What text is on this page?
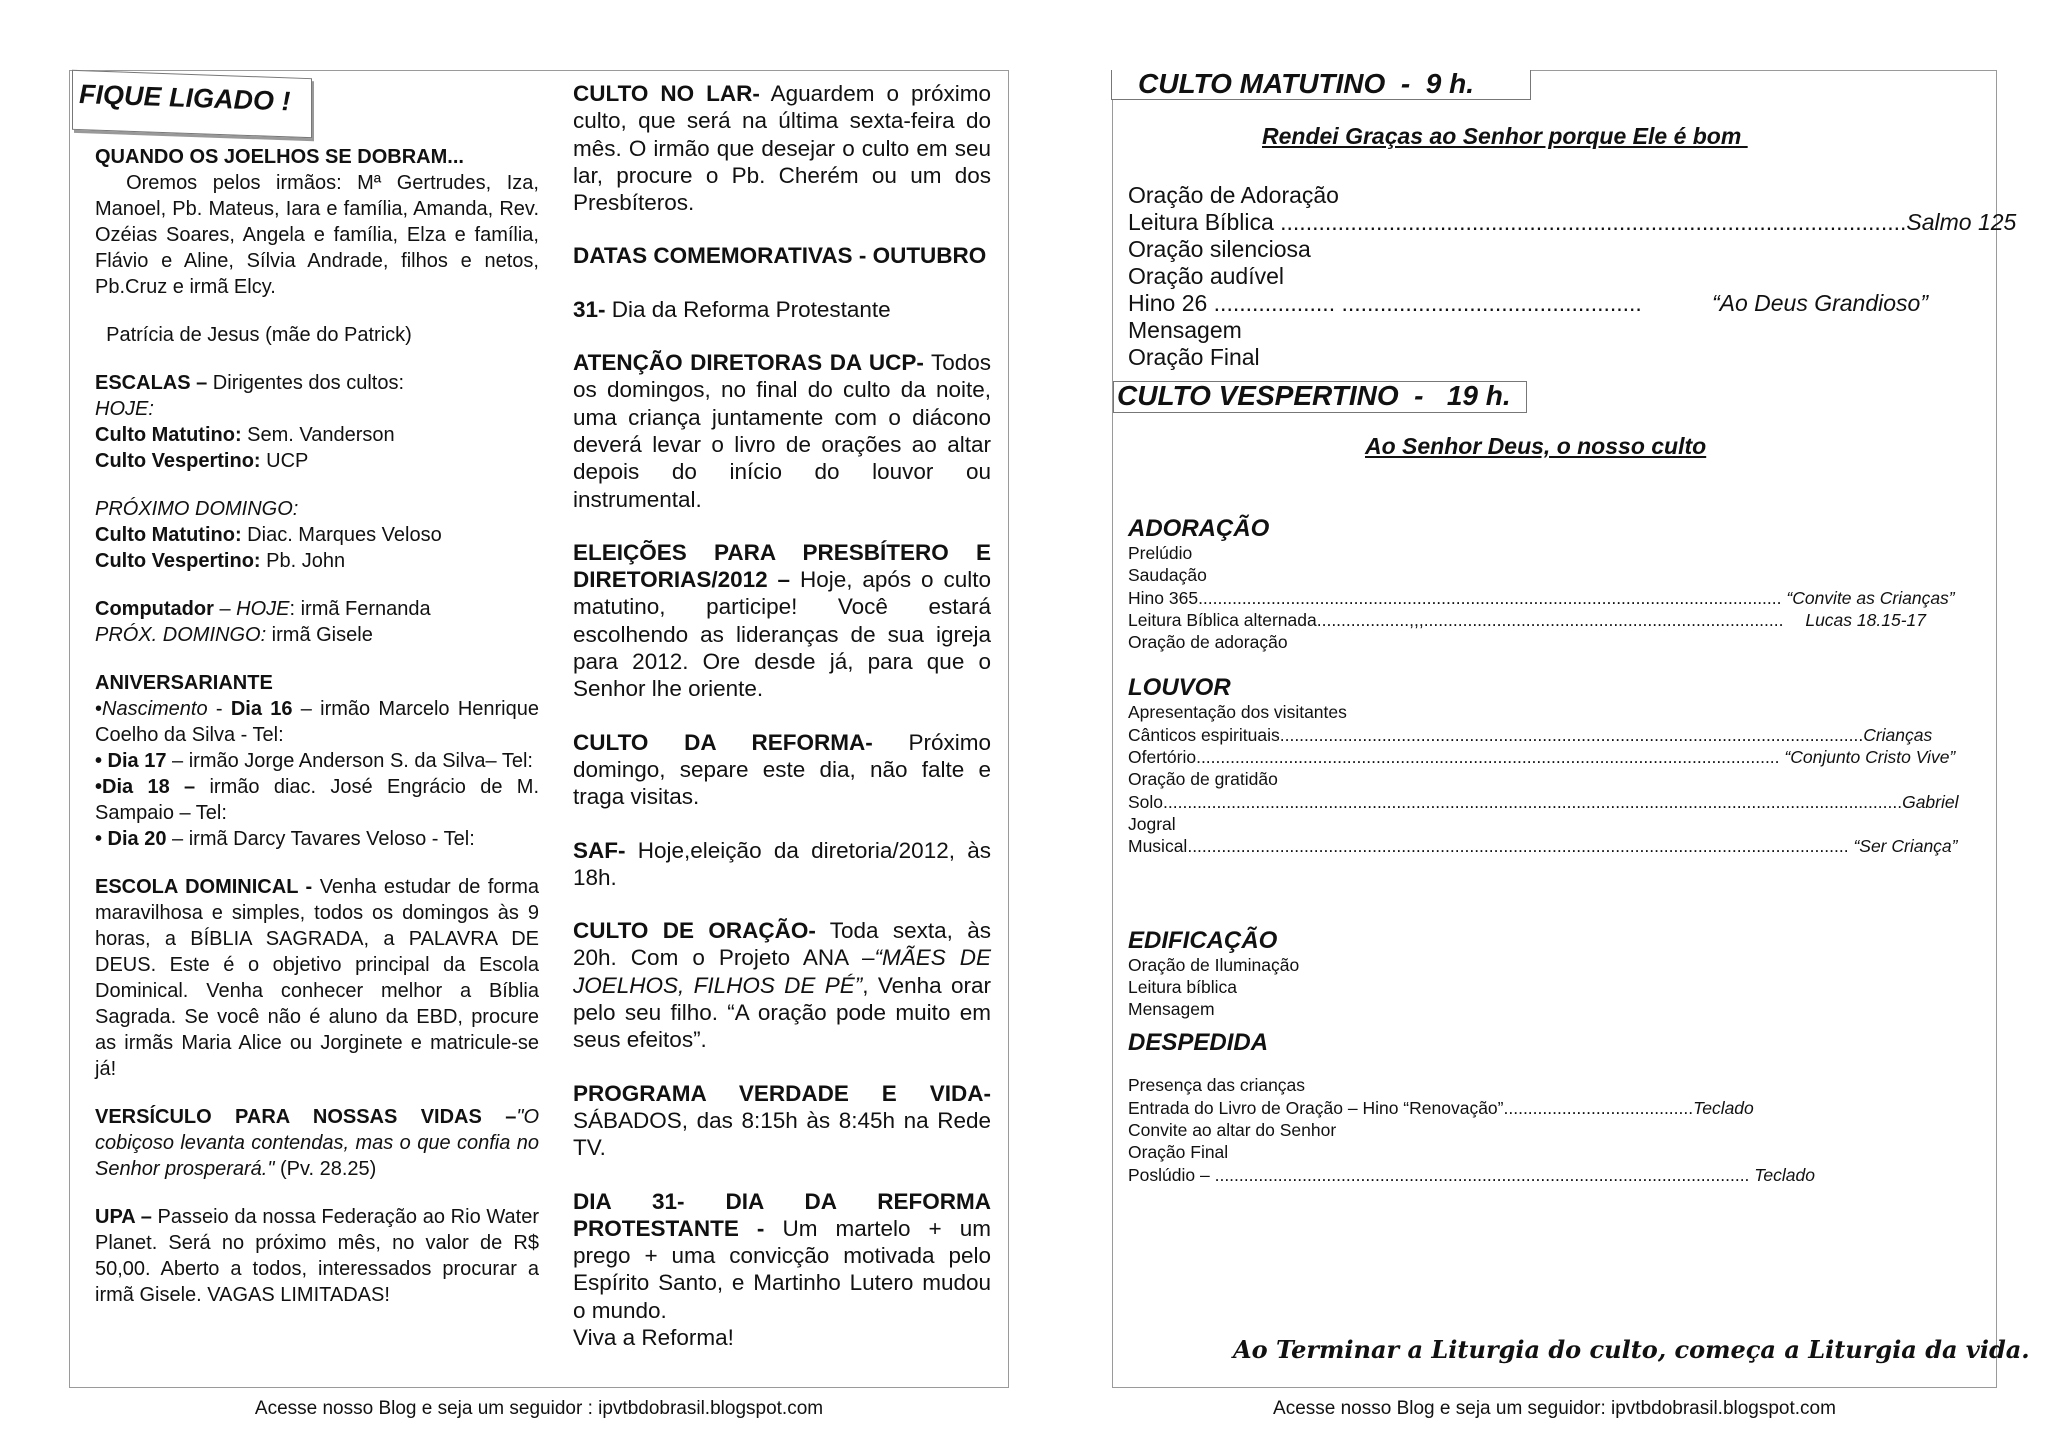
FIQUE LIGADO !

QUANDO OS JOELHOS SE DOBRAM...
Oremos pelos irmãos: Mª Gertrudes, Iza, Manoel, Pb. Mateus, Iara e família, Amanda, Rev. Ozéias Soares, Angela e família, Elza e família, Flávio e Aline, Sílvia Andrade, filhos e netos, Pb.Cruz e irmã Elcy.

Patrícia de Jesus (mãe do Patrick)

ESCALAS – Dirigentes dos cultos:
HOJE:
Culto Matutino: Sem. Vanderson
Culto Vespertino: UCP

PRÓXIMO DOMINGO:
Culto Matutino: Diac. Marques Veloso
Culto Vespertino: Pb. John

Computador – HOJE: irmã Fernanda
PRÓX. DOMINGO: irmã Gisele

ANIVERSARIANTE
•Nascimento - Dia 16 – irmão Marcelo Henrique Coelho da Silva - Tel:
• Dia 17 – irmão Jorge Anderson S. da Silva– Tel:
•Dia 18 – irmão diac. José Engrácio de M. Sampaio – Tel:
• Dia 20 – irmã Darcy Tavares Veloso - Tel:

ESCOLA DOMINICAL - Venha estudar de forma maravilhosa e simples, todos os domingos às 9 horas, a BÍBLIA SAGRADA, a PALAVRA DE DEUS. Este é o objetivo principal da Escola Dominical. Venha conhecer melhor a Bíblia Sagrada. Se você não é aluno da EBD, procure as irmãs Maria Alice ou Jorginete e matricule-se já!

VERSÍCULO PARA NOSSAS VIDAS –"O cobiçoso levanta contendas, mas o que confia no Senhor prosperará." (Pv. 28.25)

UPA – Passeio da nossa Federação ao Rio Water Planet. Será no próximo mês, no valor de R$ 50,00. Aberto a todos, interessados procurar a irmã Gisele. VAGAS LIMITADAS!

CULTO NO LAR- Aguardem o próximo culto, que será na última sexta-feira do mês. O irmão que desejar o culto em seu lar, procure o Pb. Cherém ou um dos Presbíteros.

DATAS COMEMORATIVAS - OUTUBRO

31- Dia da Reforma Protestante

ATENÇÃO DIRETORAS DA UCP- Todos os domingos, no final do culto da noite, uma criança juntamente com o diácono deverá levar o livro de orações ao altar depois do início do louvor ou instrumental.

ELEIÇÕES PARA PRESBÍTERO E DIRETORIAS/2012 – Hoje, após o culto matutino, participe! Você estará escolhendo as lideranças de sua igreja para 2012. Ore desde já, para que o Senhor lhe oriente.

CULTO DA REFORMA- Próximo domingo, separe este dia, não falte e traga visitas.

SAF- Hoje,eleição da diretoria/2012, às 18h.

CULTO DE ORAÇÃO- Toda sexta, às 20h. Com o Projeto ANA –“MÃES DE JOELHOS, FILHOS DE PÉ”, Venha orar pelo seu filho. “A oração pode muito em seus efeitos”.

PROGRAMA VERDADE E VIDA- SÁBADOS, das 8:15h às 8:45h na Rede TV.

DIA 31- DIA DA REFORMA PROTESTANTE - Um martelo + um prego + uma convicção motivada pelo Espírito Santo, e Martinho Lutero mudou o mundo.
Viva a Reforma!

Acesse nosso Blog e seja um seguidor : ipvtbdobrasil.blogspot.com
CULTO MATUTINO  -  9 h.
Rendei Graças ao Senhor porque Ele é bom
Oração de Adoração
Leitura Bíblica .................................................................................................. Salmo 125
Oração silenciosa
Oração audível
Hino 26 ................... ...............................................	“Ao Deus Grandioso”
Mensagem
Oração Final
CULTO VESPERTINO  -   19 h.
Ao Senhor Deus, o nosso culto
ADORAÇÃO
Prelúdio
Saudação
Hino 365 ........................................................................................................................ “Convite as Crianças”
Leitura Bíblica alternada ...................,,,.......................................................................... Lucas 18.15-17
Oração de adoração
LOUVOR
Apresentação dos visitantes
Cânticos espirituais ........................................................................................................................ Crianças
Ofertório ........................................................................................................................ “Conjunto Cristo Vive”
Oração de gratidão
Solo ........................................................................................................................................................ Gabriel
Jogral
Musical ........................................................................................................................................ “Ser Criança”
EDIFICAÇÃO
Oração de Iluminação
Leitura bíblica
Mensagem
DESPEDIDA
Presença das crianças
Entrada do Livro de Oração – Hino “Renovação” ....................................... Teclado
Convite ao altar do Senhor
Oração Final
Poslúdio – .............................................................................................................. Teclado
Ao Terminar a Liturgia do culto, começa a Liturgia da vida.
Acesse nosso Blog e seja um seguidor: ipvtbdobrasil.blogspot.com
